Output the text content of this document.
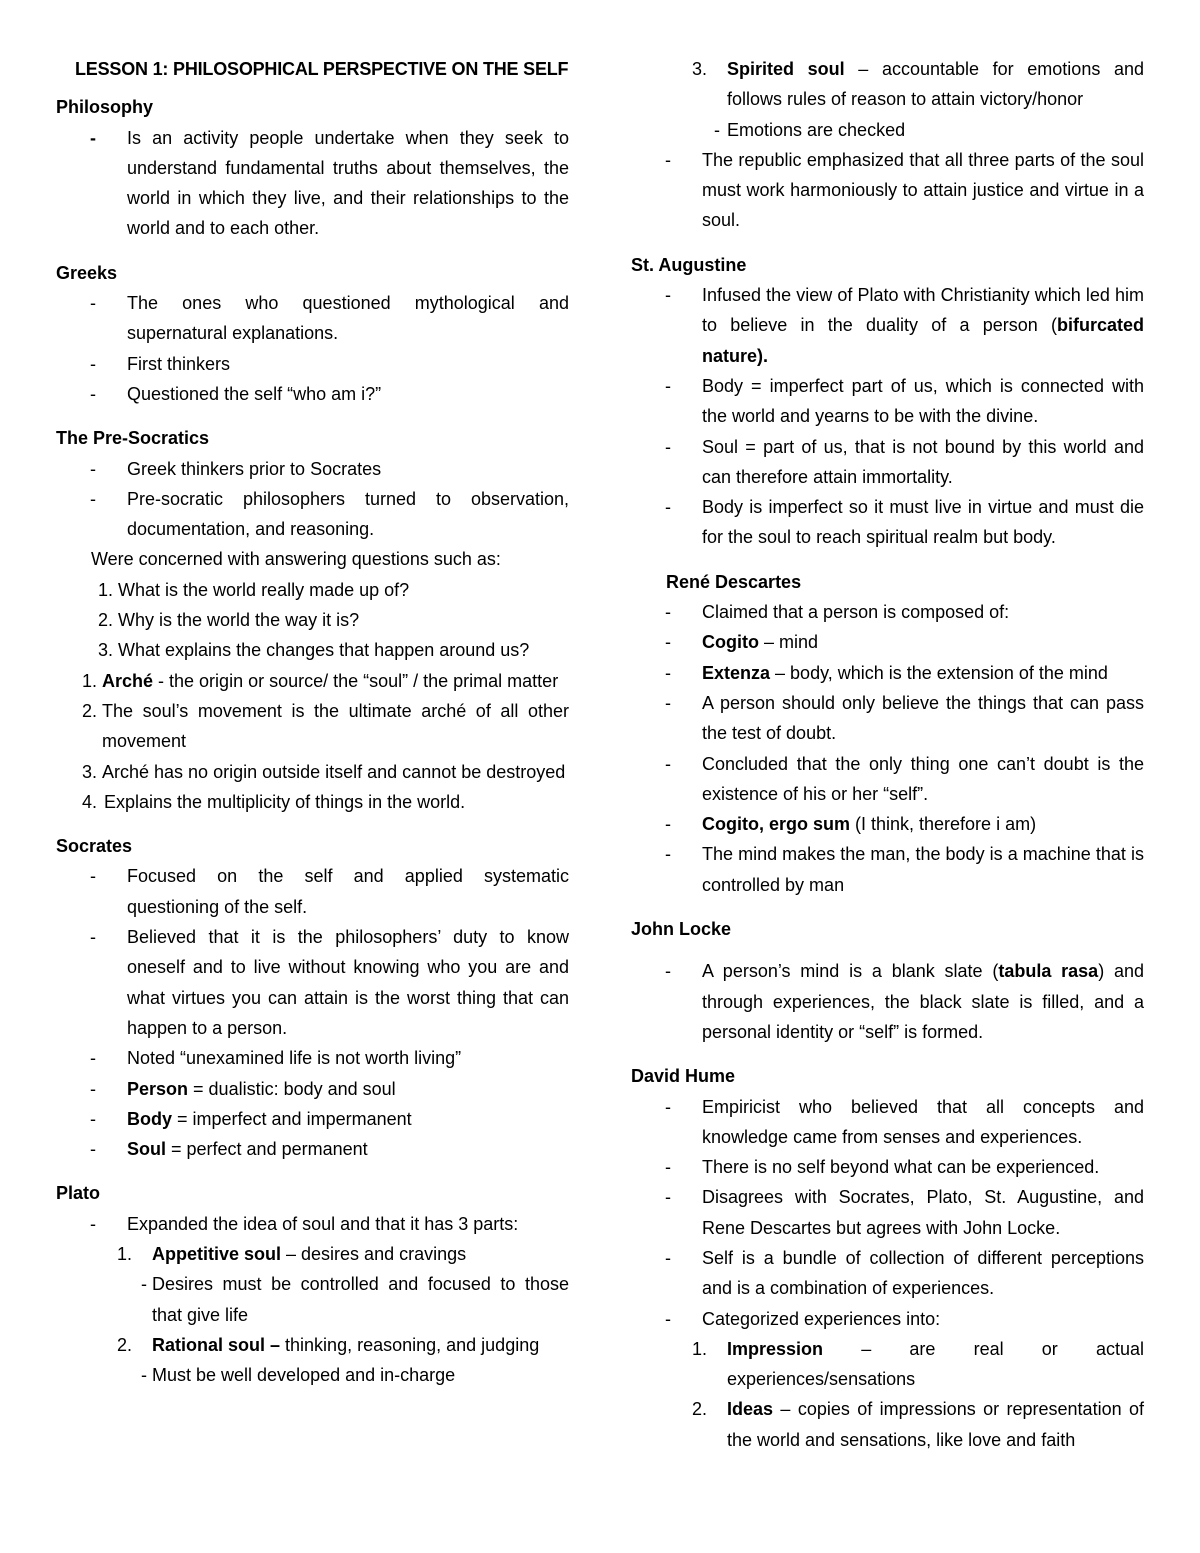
LESSON 1: PHILOSOPHICAL PERSPECTIVE ON THE SELF
Philosophy
- Is an activity people undertake when they seek to understand fundamental truths about themselves, the world in which they live, and their relationships to the world and to each other.
Greeks
- The ones who questioned mythological and supernatural explanations.
- First thinkers
- Questioned the self “who am i?”
The Pre-Socratics
- Greek thinkers prior to Socrates
- Pre-socratic philosophers turned to observation, documentation, and reasoning.
Were concerned with answering questions such as:
1. What is the world really made up of?
2. Why is the world the way it is?
3. What explains the changes that happen around us?
1. Arché - the origin or source/ the “soul” / the primal matter
2. The soul’s movement is the ultimate arché of all other movement
3. Arché has no origin outside itself and cannot be destroyed
4. Explains the multiplicity of things in the world.
Socrates
- Focused on the self and applied systematic questioning of the self.
- Believed that it is the philosophers’ duty to know oneself and to live without knowing who you are and what virtues you can attain is the worst thing that can happen to a person.
- Noted “unexamined life is not worth living”
- Person = dualistic: body and soul
- Body = imperfect and impermanent
- Soul = perfect and permanent
Plato
- Expanded the idea of soul and that it has 3 parts:
1. Appetitive soul – desires and cravings
- Desires must be controlled and focused to those that give life
2. Rational soul – thinking, reasoning, and judging
- Must be well developed and in-charge
3. Spirited soul – accountable for emotions and follows rules of reason to attain victory/honor
- Emotions are checked
- The republic emphasized that all three parts of the soul must work harmoniously to attain justice and virtue in a soul.
St. Augustine
- Infused the view of Plato with Christianity which led him to believe in the duality of a person (bifurcated nature).
- Body = imperfect part of us, which is connected with the world and yearns to be with the divine.
- Soul = part of us, that is not bound by this world and can therefore attain immortality.
- Body is imperfect so it must live in virtue and must die for the soul to reach spiritual realm but body.
René Descartes
- Claimed that a person is composed of:
- Cogito – mind
- Extenza – body, which is the extension of the mind
- A person should only believe the things that can pass the test of doubt.
- Concluded that the only thing one can’t doubt is the existence of his or her “self”.
- Cogito, ergo sum (I think, therefore i am)
- The mind makes the man, the body is a machine that is controlled by man
John Locke
- A person’s mind is a blank slate (tabula rasa) and through experiences, the black slate is filled, and a personal identity or “self” is formed.
David Hume
- Empiricist who believed that all concepts and knowledge came from senses and experiences.
- There is no self beyond what can be experienced.
- Disagrees with Socrates, Plato, St. Augustine, and Rene Descartes but agrees with John Locke.
- Self is a bundle of collection of different perceptions and is a combination of experiences.
- Categorized experiences into:
1. Impression – are real or actual experiences/sensations
2. Ideas – copies of impressions or representation of the world and sensations, like love and faith
